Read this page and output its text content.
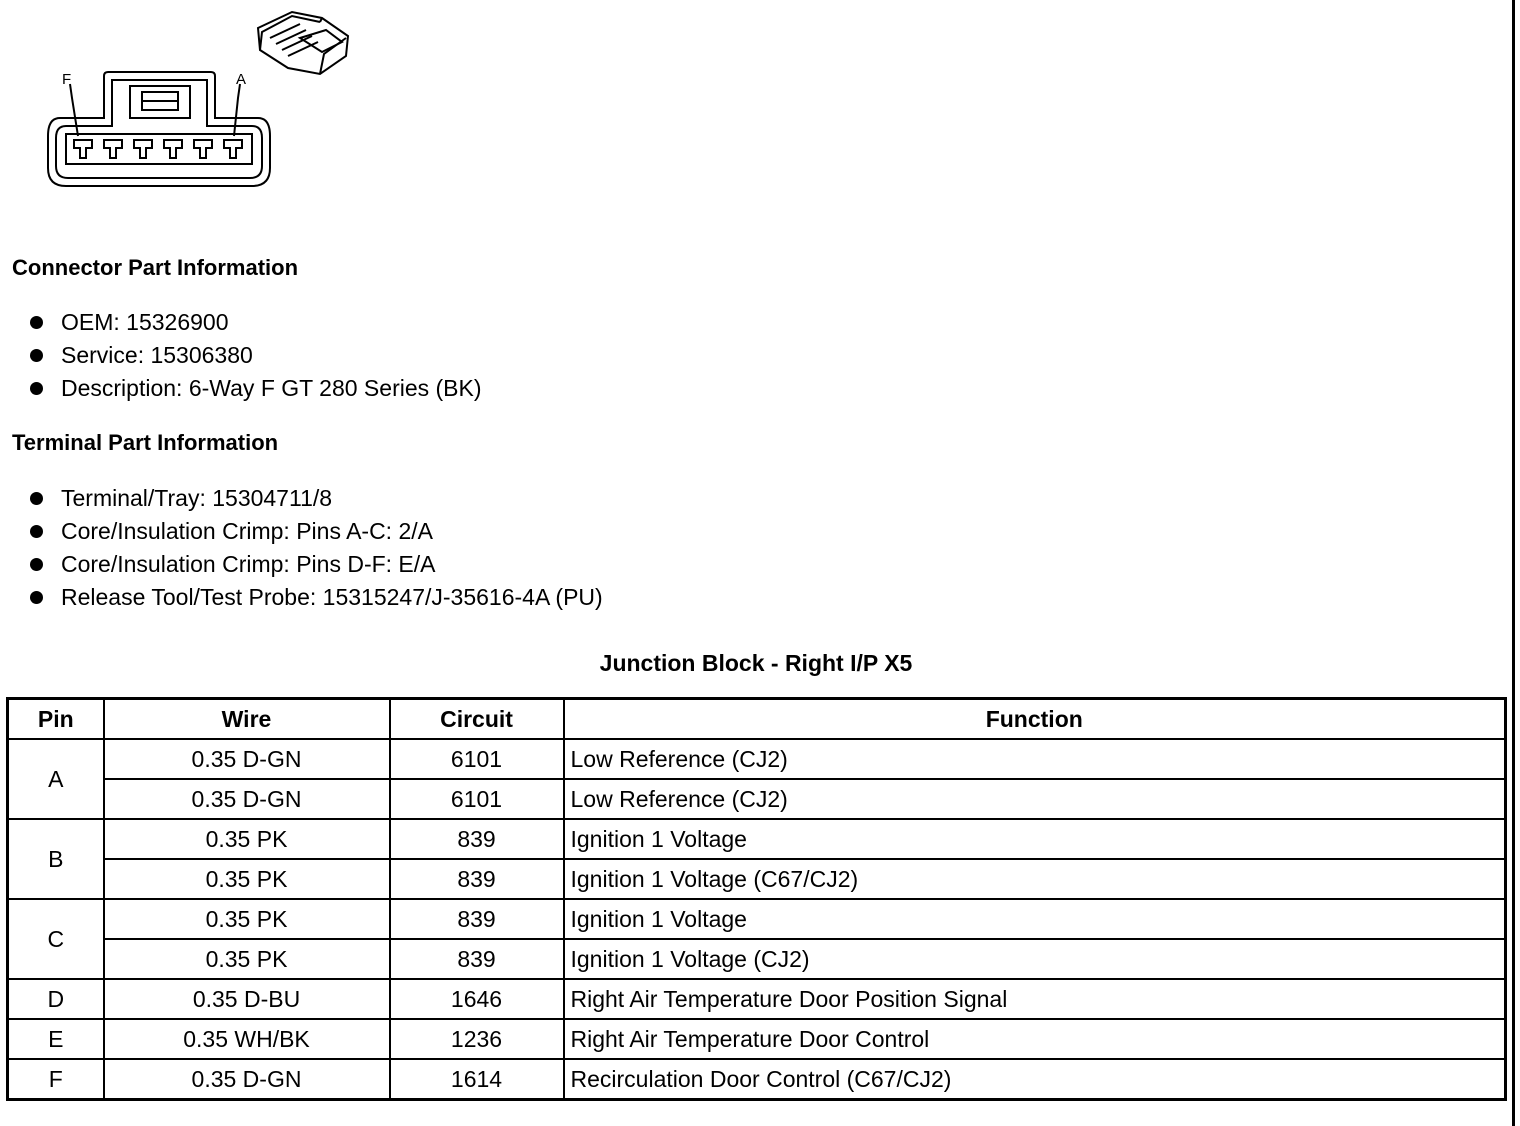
F	A
Connector Part Information
OEM: 15326900
Service: 15306380
Description: 6-Way F GT 280 Series (BK)
Terminal Part Information
Terminal/Tray: 15304711/8
Core/Insulation Crimp: Pins A-C: 2/A
Core/Insulation Crimp: Pins D-F: E/A
Release Tool/Test Probe: 15315247/J-35616-4A (PU)
Junction Block - Right I/P X5
Pin	Wire	Circuit	Function
A	0.35 D-GN	6101	Low Reference (CJ2)
	0.35 D-GN	6101	Low Reference (CJ2)
B	0.35 PK	839	Ignition 1 Voltage
	0.35 PK	839	Ignition 1 Voltage (C67/CJ2)
C	0.35 PK	839	Ignition 1 Voltage
	0.35 PK	839	Ignition 1 Voltage (CJ2)
D	0.35 D-BU	1646	Right Air Temperature Door Position Signal
E	0.35 WH/BK	1236	Right Air Temperature Door Control
F	0.35 D-GN	1614	Recirculation Door Control (C67/CJ2)
